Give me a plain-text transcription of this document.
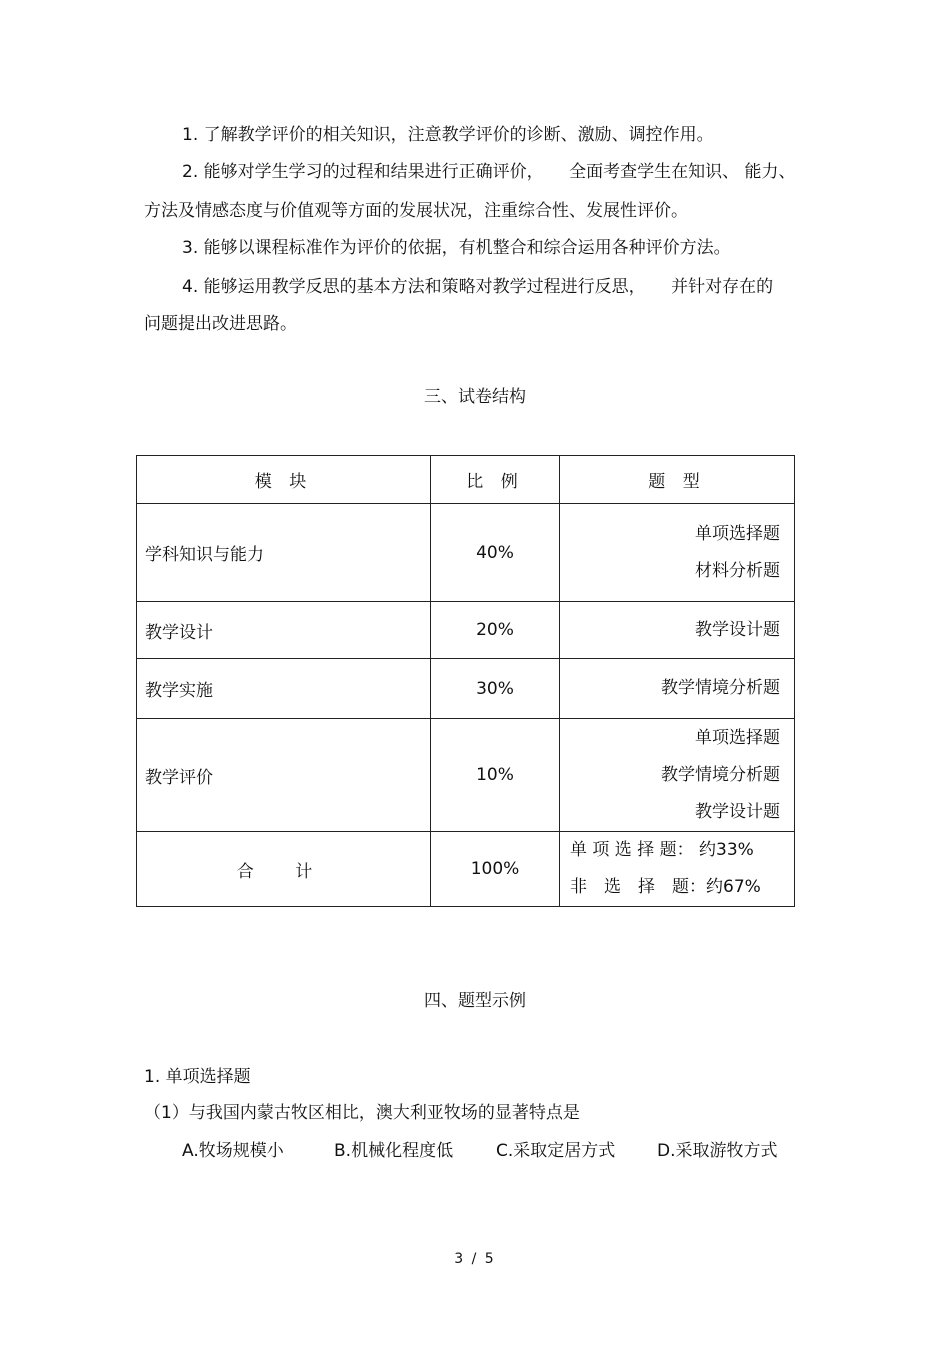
1. 了解教学评价的相关知识，注意教学评价的诊断、激励、调控作用。
2. 能够对学生学习的过程和结果进行正确评价，　　全面考查学生在知识、 能力、
方法及情感态度与价值观等方面的发展状况，注重综合性、发展性评价。
3. 能够以课程标准作为评价的依据，有机整合和综合运用各种评价方法。
4. 能够运用教学反思的基本方法和策略对教学过程进行反思，　　并针对存在的
问题提出改进思路。
三、试卷结构
模 块	比 例	题 型
学科知识与能力	40%	单项选择题
材料分析题

教学设计	20%	教学设计题

教学实施	30%	教学情境分析题

教学评价	10%	单项选择题
教学情境分析题
教学设计题

合 计	100%	单 项 选 择 题： 约33%
非　选　择　题：约67%
四、题型示例
1. 单项选择题
（1）与我国内蒙古牧区相比，澳大利亚牧场的显著特点是
A.牧场规模小	B.机械化程度低	C.采取定居方式 D.采取游牧方式
3 / 5
